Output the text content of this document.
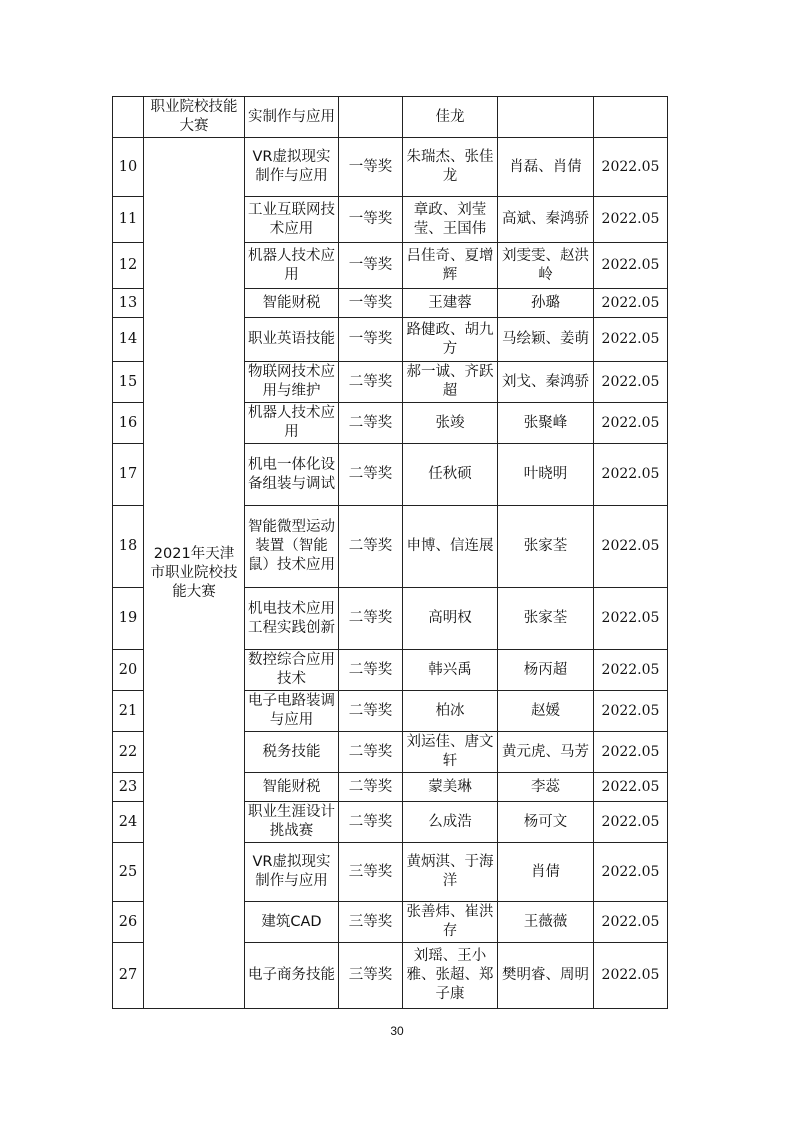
	职业院校技能大赛	实制作与应用		佳龙		
10	2021年天津市职业院校技能大赛	VR虚拟现实制作与应用	一等奖	朱瑞杰、张佳龙	肖磊、肖倩	2022.05
11		工业互联网技术应用	一等奖	章政、刘莹莹、王国伟	高斌、秦鸿骄	2022.05
12		机器人技术应用	一等奖	吕佳奇、夏增辉	刘雯雯、赵洪岭	2022.05
13		智能财税	一等奖	王建蓉	孙璐	2022.05
14		职业英语技能	一等奖	路健政、胡九方	马绘颖、姜萌	2022.05
15		物联网技术应用与维护	二等奖	郝一诚、齐跃超	刘戈、秦鸿骄	2022.05
16		机器人技术应用	二等奖	张竣	张聚峰	2022.05
17		机电一体化设备组装与调试	二等奖	任秋硕	叶晓明	2022.05
18		智能微型运动装置（智能鼠）技术应用	二等奖	申博、信连展	张家荃	2022.05
19		机电技术应用工程实践创新	二等奖	高明权	张家荃	2022.05
20		数控综合应用技术	二等奖	韩兴禹	杨丙超	2022.05
21		电子电路装调与应用	二等奖	柏冰	赵媛	2022.05
22		税务技能	二等奖	刘运佳、唐文轩	黄元虎、马芳	2022.05
23		智能财税	二等奖	蒙美琳	李蕊	2022.05
24		职业生涯设计挑战赛	二等奖	么成浩	杨可文	2022.05
25		VR虚拟现实制作与应用	三等奖	黄炳淇、于海洋	肖倩	2022.05
26		建筑CAD	三等奖	张善炜、崔洪存	王薇薇	2022.05
27		电子商务技能	三等奖	刘瑶、王小雅、张超、郑子康	樊明睿、周明	2022.05
30
